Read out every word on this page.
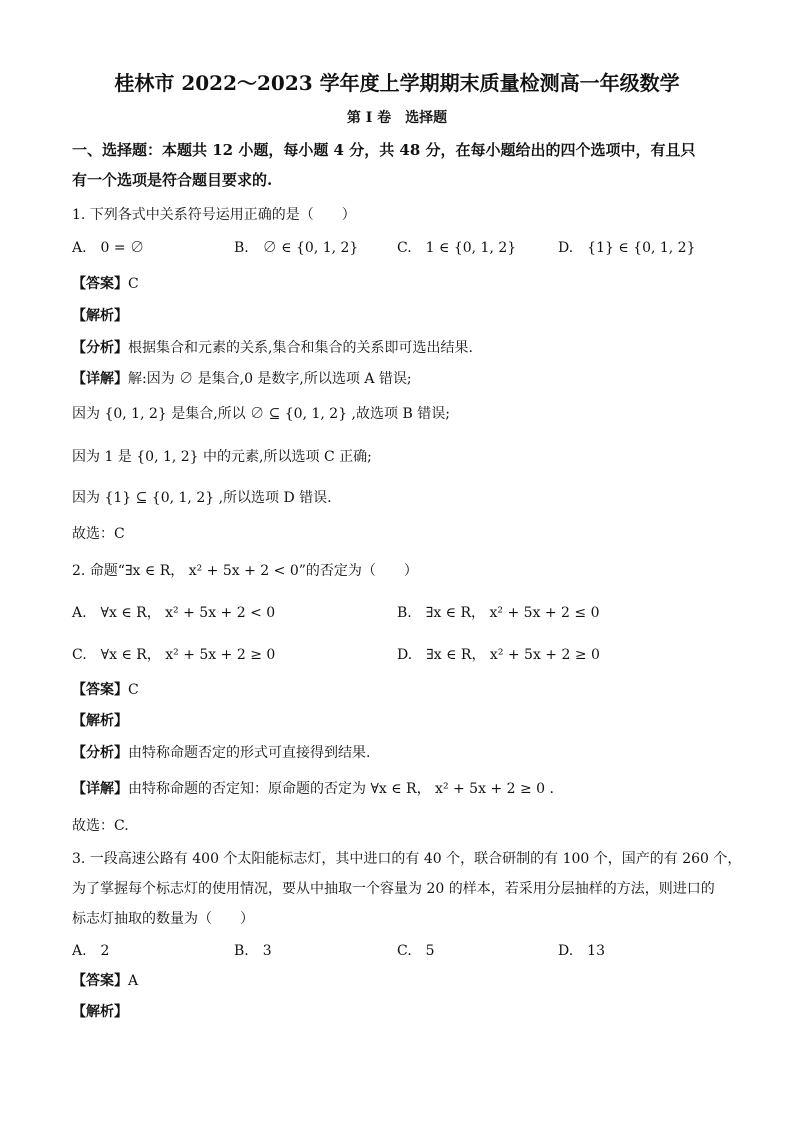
桂林市 2022～2023 学年度上学期期末质量检测高一年级数学
第 I 卷　选择题
一、选择题：本题共 12 小题，每小题 4 分，共 48 分，在每小题给出的四个选项中，有且只
有一个选项是符合题目要求的.
1. 下列各式中关系符号运用正确的是（　　）
A.　0 = ∅	B.　∅ ∈ {0, 1, 2}	C.　1 ∈ {0, 1, 2}	D.　{1} ∈ {0, 1, 2}
【答案】C
【解析】
【分析】根据集合和元素的关系,集合和集合的关系即可选出结果.
【详解】解:因为 ∅ 是集合,0 是数字,所以选项 A 错误;
因为 {0, 1, 2} 是集合,所以 ∅ ⊆ {0, 1, 2} ,故选项 B 错误;
因为 1 是 {0, 1, 2} 中的元素,所以选项 C 正确;
因为 {1} ⊆ {0, 1, 2} ,所以选项 D 错误.
故选：C
2. 命题“∃x ∈ R， x² + 5x + 2 < 0”的否定为（　　）
A.　∀x ∈ R， x² + 5x + 2 < 0	B.　∃x ∈ R， x² + 5x + 2 ≤ 0
C.　∀x ∈ R， x² + 5x + 2 ≥ 0	D.　∃x ∈ R， x² + 5x + 2 ≥ 0
【答案】C
【解析】
【分析】由特称命题否定的形式可直接得到结果.
【详解】由特称命题的否定知：原命题的否定为 ∀x ∈ R， x² + 5x + 2 ≥ 0 .
故选：C.
3. 一段高速公路有 400 个太阳能标志灯，其中进口的有 40 个，联合研制的有 100 个，国产的有 260 个，
为了掌握每个标志灯的使用情况，要从中抽取一个容量为 20 的样本，若采用分层抽样的方法，则进口的
标志灯抽取的数量为（　　）
A.　2	B.　3	C.　5	D.　13
【答案】A
【解析】
